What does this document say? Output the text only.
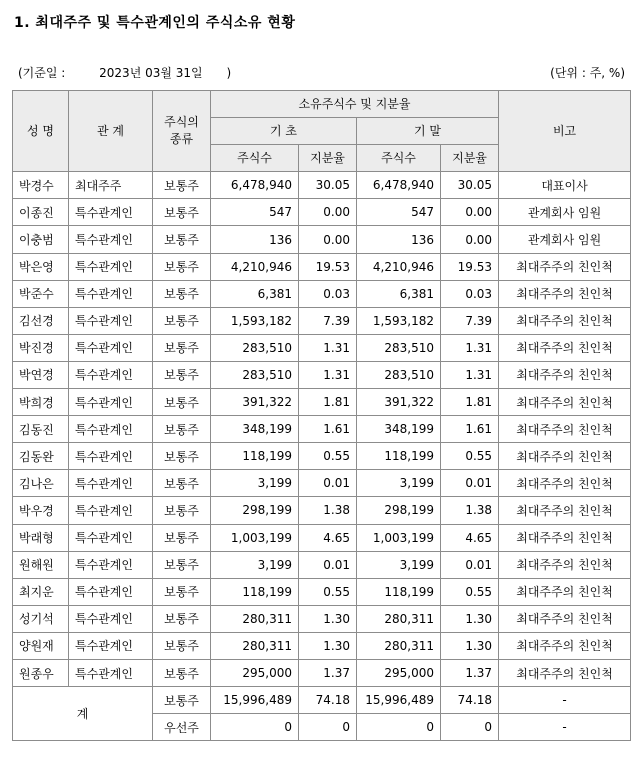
1. 최대주주 및 특수관계인의 주식소유 현황
(기준일 :	2023년 03월 31일 )	(단위 : 주, %)
성 명	관 계	주식의 종류	소유주식수 및 지분율				비고
			기 초		기 말		
			주식수	지분율	주식수	지분율	
박경수	최대주주	보통주	6,478,940	30.05	6,478,940	30.05	대표이사
이종진	특수관계인	보통주	547	0.00	547	0.00	관계회사 임원
이충범	특수관계인	보통주	136	0.00	136	0.00	관계회사 임원
박은영	특수관계인	보통주	4,210,946	19.53	4,210,946	19.53	최대주주의 친인척
박준수	특수관계인	보통주	6,381	0.03	6,381	0.03	최대주주의 친인척
김선경	특수관계인	보통주	1,593,182	7.39	1,593,182	7.39	최대주주의 친인척
박진경	특수관계인	보통주	283,510	1.31	283,510	1.31	최대주주의 친인척
박연경	특수관계인	보통주	283,510	1.31	283,510	1.31	최대주주의 친인척
박희경	특수관계인	보통주	391,322	1.81	391,322	1.81	최대주주의 친인척
김동진	특수관계인	보통주	348,199	1.61	348,199	1.61	최대주주의 친인척
김동완	특수관계인	보통주	118,199	0.55	118,199	0.55	최대주주의 친인척
김나은	특수관계인	보통주	3,199	0.01	3,199	0.01	최대주주의 친인척
박우경	특수관계인	보통주	298,199	1.38	298,199	1.38	최대주주의 친인척
박래형	특수관계인	보통주	1,003,199	4.65	1,003,199	4.65	최대주주의 친인척
원해원	특수관계인	보통주	3,199	0.01	3,199	0.01	최대주주의 친인척
최지운	특수관계인	보통주	118,199	0.55	118,199	0.55	최대주주의 친인척
성기석	특수관계인	보통주	280,311	1.30	280,311	1.30	최대주주의 친인척
양원재	특수관계인	보통주	280,311	1.30	280,311	1.30	최대주주의 친인척
원종우	특수관계인	보통주	295,000	1.37	295,000	1.37	최대주주의 친인척
계		보통주	15,996,489	74.18	15,996,489	74.18	-
		우선주	0	0	0	0	-
